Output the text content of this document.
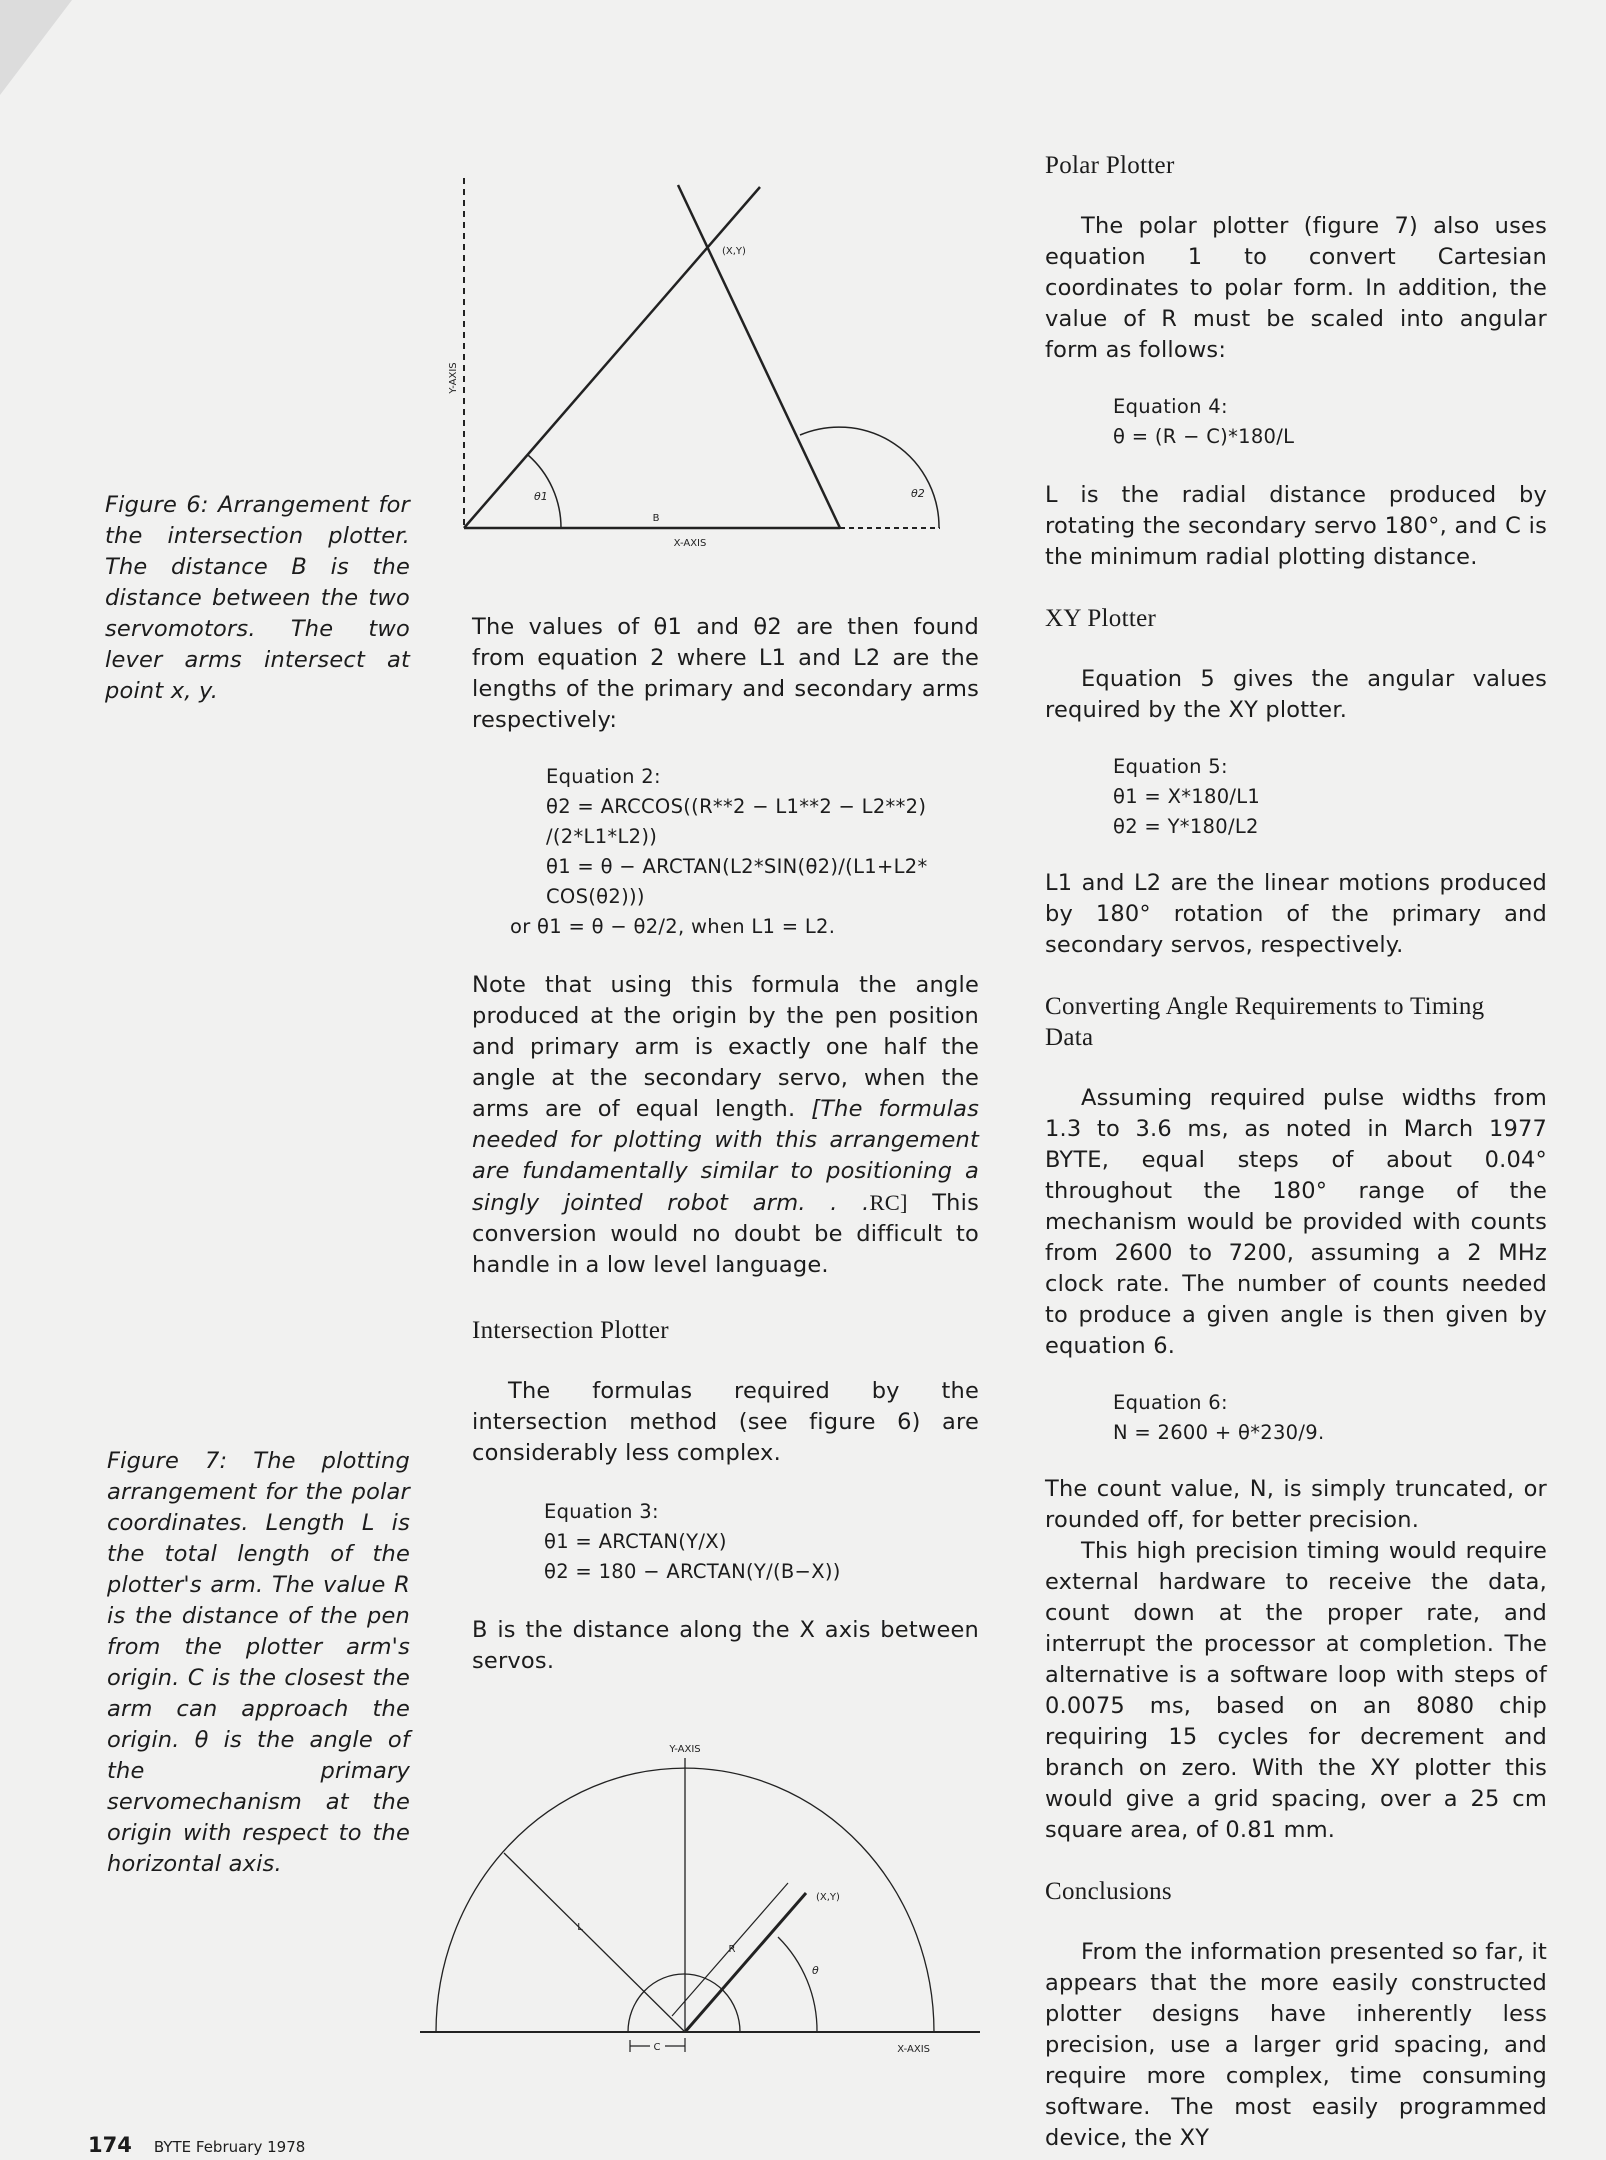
Figure 6: Arrangement for the intersection plotter. The distance B is the distance between the two servomotors. The two lever arms intersect at point x, y.

Figure 7: The plotting arrangement for the polar coordinates. Length L is the total length of the plotter's arm. The value R is the distance of the pen from the plotter arm's origin. C is the closest the arm can approach the origin. θ is the angle of the primary servomechanism at the origin with respect to the horizontal axis.

Y-AXIS
X-AXIS
(X,Y)
θ1	θ2
B

The values of θ1 and θ2 are then found from equation 2 where L1 and L2 are the lengths of the primary and secondary arms respectively:

Equation 2:
θ2 = ARCCOS((R**2 − L1**2 − L2**2)
/(2*L1*L2))
θ1 = θ − ARCTAN(L2*SIN(θ2)/(L1+L2*
COS(θ2)))
or θ1 = θ − θ2/2, when L1 = L2.

Note that using this formula the angle produced at the origin by the pen position and primary arm is exactly one half the angle at the secondary servo, when the arms are of equal length. [The formulas needed for plotting with this arrangement are fundamentally similar to positioning a singly jointed robot arm. . .RC] This conversion would no doubt be difficult to handle in a low level language.

Intersection Plotter

The formulas required by the intersection method (see figure 6) are considerably less complex.

Equation 3:
θ1 = ARCTAN(Y/X)
θ2 = 180 − ARCTAN(Y/(B−X))

B is the distance along the X axis between servos.

Y-AXIS
X-AXIS
θ
L
R
(X,Y)
C
Polar Plotter

The polar plotter (figure 7) also uses equation 1 to convert Cartesian coordinates to polar form. In addition, the value of R must be scaled into angular form as follows:

Equation 4:
θ = (R − C)*180/L

L is the radial distance produced by rotating the secondary servo 180°, and C is the minimum radial plotting distance.

XY Plotter

Equation 5 gives the angular values required by the XY plotter.

Equation 5:
θ1 = X*180/L1
θ2 = Y*180/L2

L1 and L2 are the linear motions produced by 180° rotation of the primary and secondary servos, respectively.

Converting Angle Requirements to Timing Data

Assuming required pulse widths from 1.3 to 3.6 ms, as noted in March 1977 BYTE, equal steps of about 0.04° throughout the 180° range of the mechanism would be provided with counts from 2600 to 7200, assuming a 2 MHz clock rate. The number of counts needed to produce a given angle is then given by equation 6.

Equation 6:
N = 2600 + θ*230/9.

The count value, N, is simply truncated, or rounded off, for better precision.

This high precision timing would require external hardware to receive the data, count down at the proper rate, and interrupt the processor at completion. The alternative is a software loop with steps of 0.0075 ms, based on an 8080 chip requiring 15 cycles for decrement and branch on zero. With the XY plotter this would give a grid spacing, over a 25 cm square area, of 0.81 mm.

Conclusions

From the information presented so far, it appears that the more easily constructed plotter designs have inherently less precision, use a larger grid spacing, and require more complex, time consuming software. The most easily programmed device, the XY

174 BYTE February 1978
